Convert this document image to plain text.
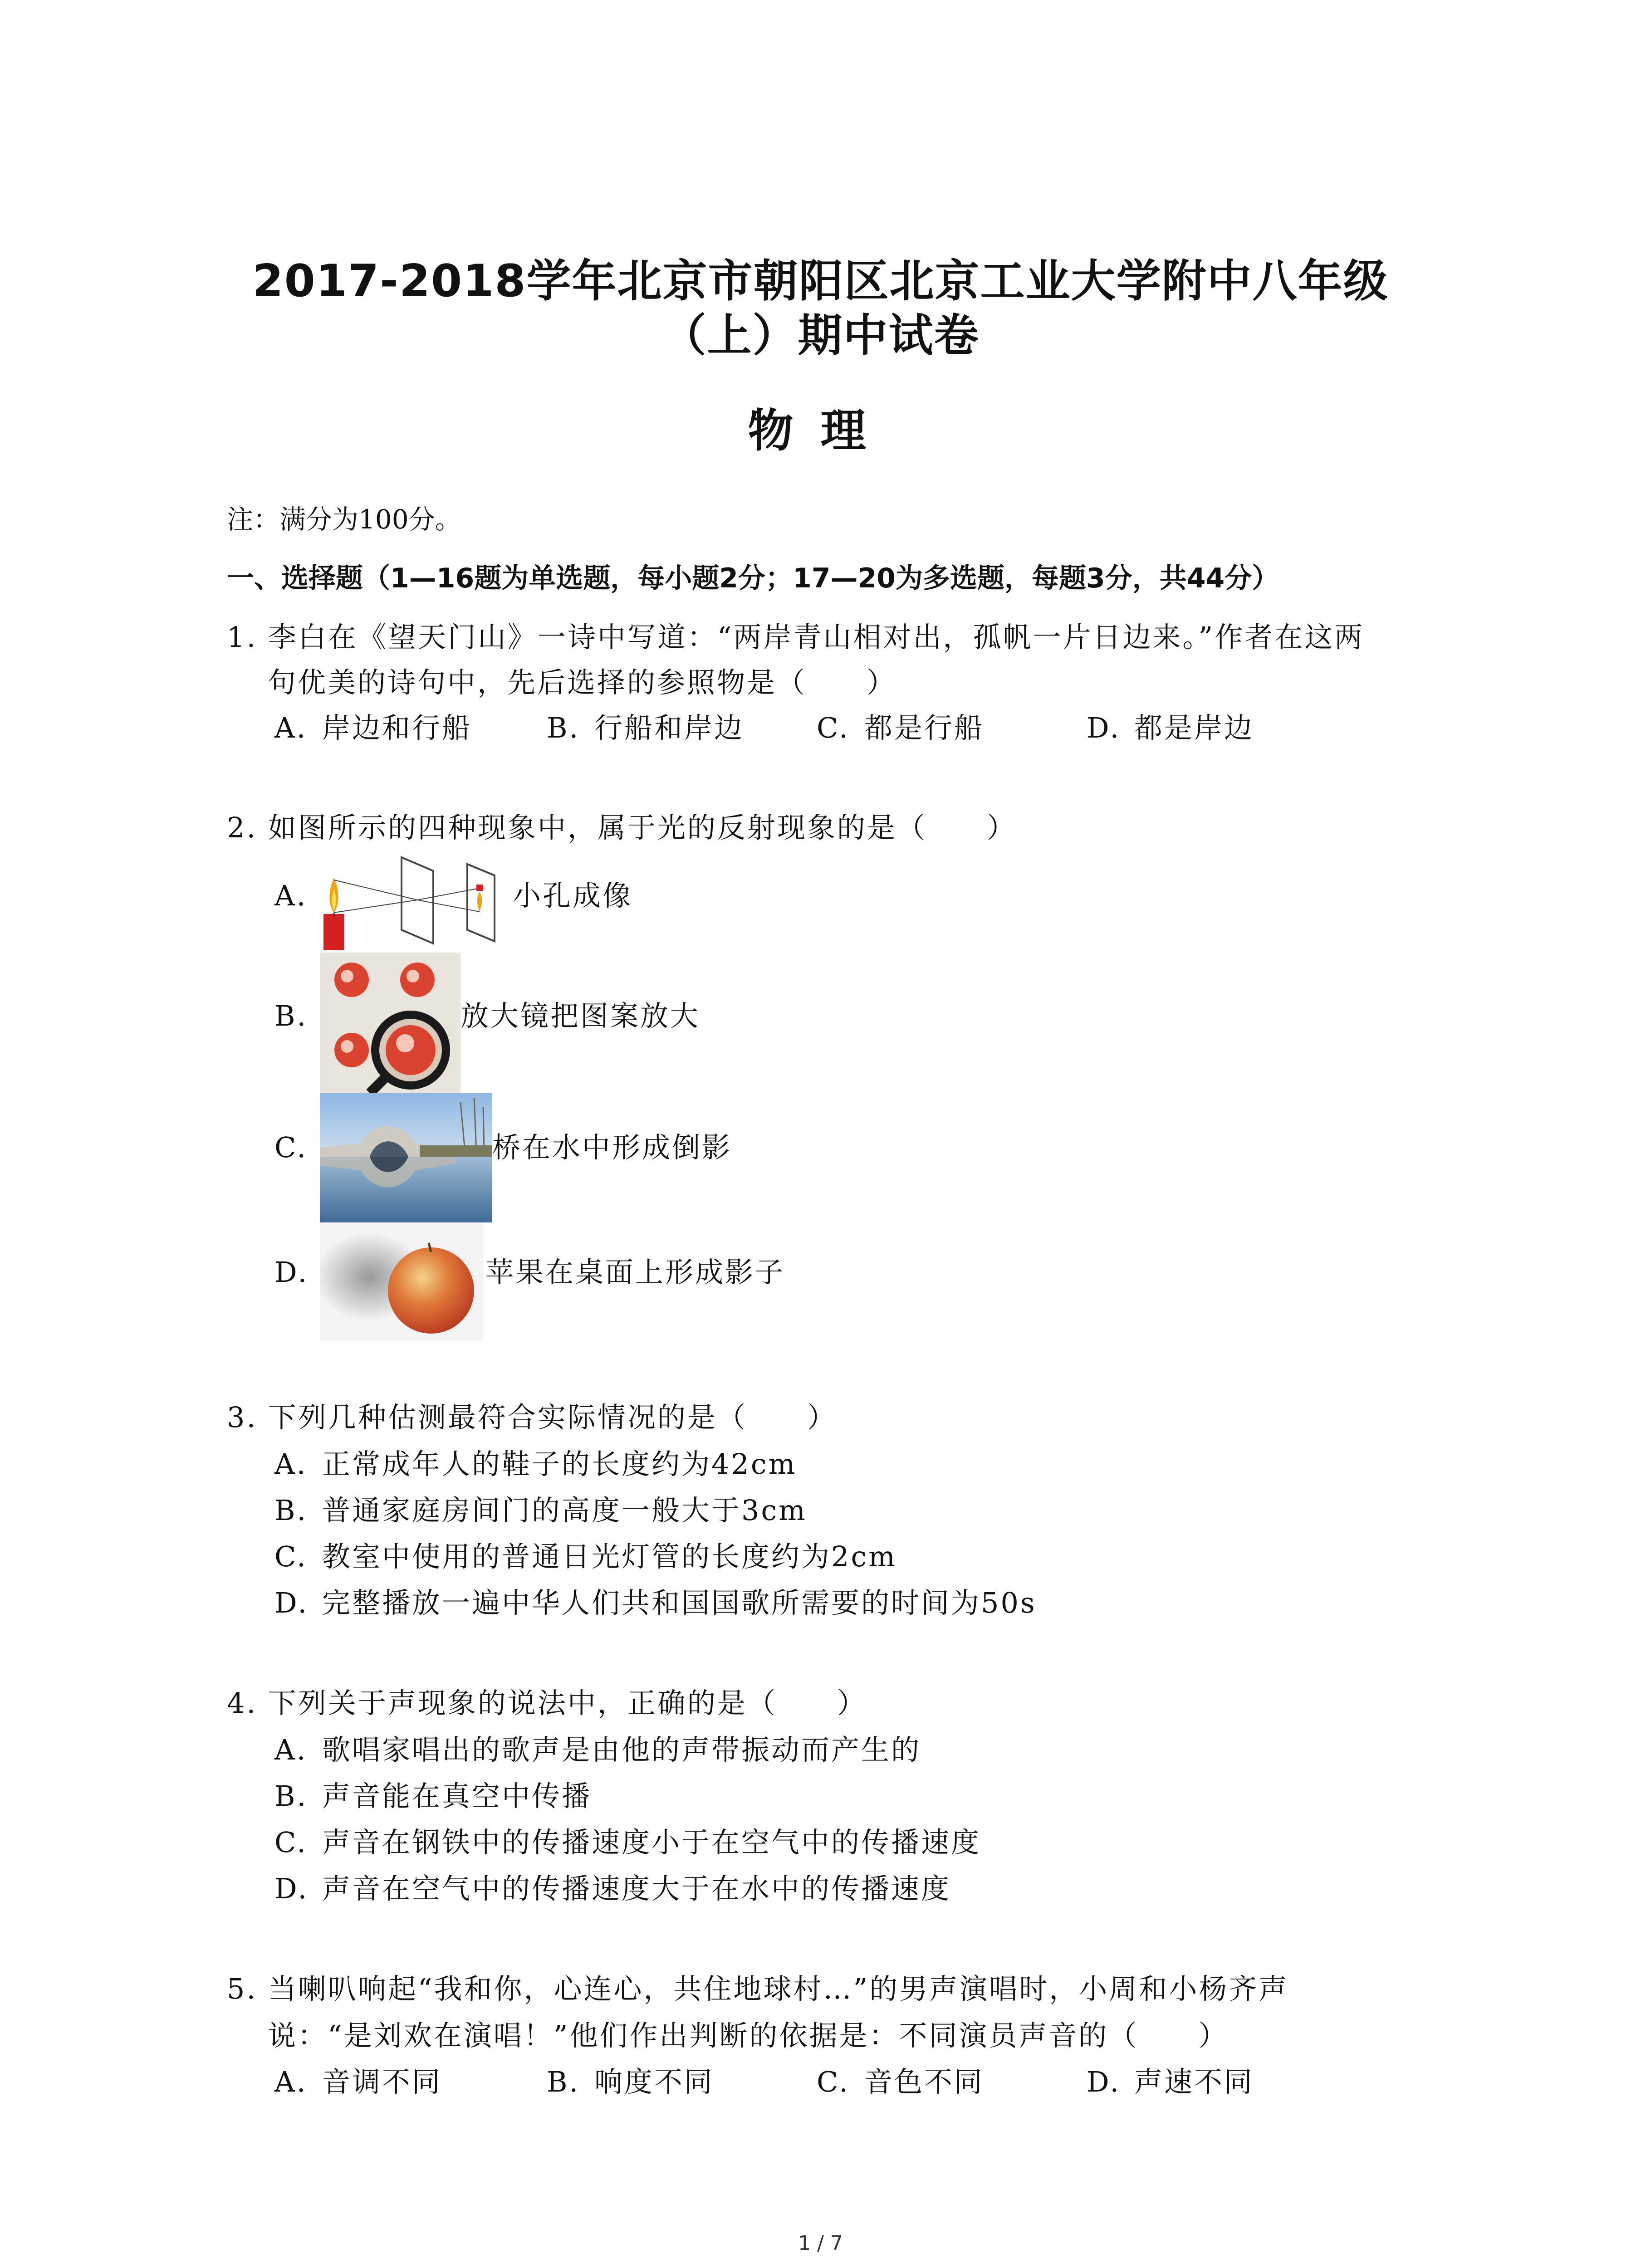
2017-2018学年北京市朝阳区北京工业大学附中八年级
（上）期中试卷
物理
注：满分为100分。
一、选择题（1—16题为单选题，每小题2分；17—20为多选题，每题3分，共44分）
1. 李白在《望天门山》一诗中写道：“两岸青山相对出，孤帆一片日边来。”作者在这两
句优美的诗句中，先后选择的参照物是（　　）
A. 岸边和行船	B. 行船和岸边	C. 都是行船	D. 都是岸边
2. 如图所示的四种现象中，属于光的反射现象的是（　　）
A.	小孔成像
B.	放大镜把图案放大
C.	桥在水中形成倒影
D.	苹果在桌面上形成影子
3. 下列几种估测最符合实际情况的是（　　）
A. 正常成年人的鞋子的长度约为42cm
B. 普通家庭房间门的高度一般大于3cm
C. 教室中使用的普通日光灯管的长度约为2cm
D. 完整播放一遍中华人们共和国国歌所需要的时间为50s
4. 下列关于声现象的说法中，正确的是（　　）
A. 歌唱家唱出的歌声是由他的声带振动而产生的
B. 声音能在真空中传播
C. 声音在钢铁中的传播速度小于在空气中的传播速度
D. 声音在空气中的传播速度大于在水中的传播速度
5. 当喇叭响起“我和你，心连心，共住地球村…”的男声演唱时，小周和小杨齐声
说：“是刘欢在演唱！”他们作出判断的依据是：不同演员声音的（　　）
A. 音调不同	B. 响度不同	C. 音色不同	D. 声速不同
1 / 7
